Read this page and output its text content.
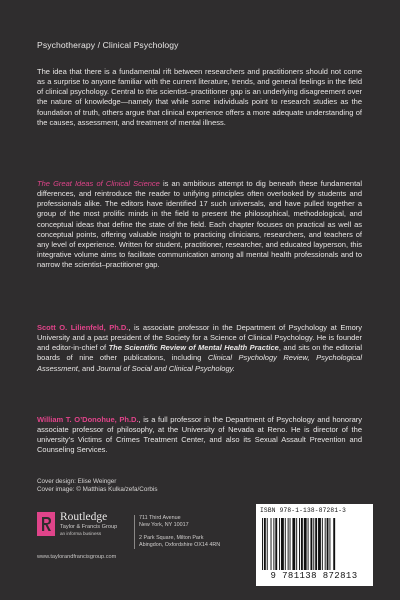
Psychotherapy / Clinical Psychology

The idea that there is a fundamental rift between researchers and practitioners should not come as a surprise to anyone familiar with the current literature, trends, and general feelings in the field of clinical psychology. Central to this scientist–practitioner gap is an underlying disagreement over the nature of knowledge—namely that while some individuals point to research studies as the foundation of truth, others argue that clinical experience offers a more adequate understanding of the causes, assessment, and treatment of mental illness.

The Great Ideas of Clinical Science is an ambitious attempt to dig beneath these fundamental differences, and reintroduce the reader to unifying principles often overlooked by students and professionals alike. The editors have identified 17 such universals, and have pulled together a group of the most prolific minds in the field to present the philosophical, methodological, and conceptual ideas that define the state of the field. Each chapter focuses on practical as well as conceptual points, offering valuable insight to practicing clinicians, researchers, and teachers of any level of experience. Written for student, practitioner, researcher, and educated layperson, this integrative volume aims to facilitate communication among all mental health professionals and to narrow the scientist–practitioner gap.

Scott O. Lilienfeld, Ph.D., is associate professor in the Department of Psychology at Emory University and a past president of the Society for a Science of Clinical Psychology. He is founder and editor-in-chief of The Scientific Review of Mental Health Practice, and sits on the editorial boards of nine other publications, including Clinical Psychology Review, Psychological Assessment, and Journal of Social and Clinical Psychology.

William T. O’Donohue, Ph.D., is a full professor in the Department of Psychology and honorary associate professor of philosophy, at the University of Nevada at Reno. He is director of the university’s Victims of Crimes Treatment Center, and also its Sexual Assault Prevention and Counseling Services.

Cover design: Elise Weinger
Cover image: © Matthias Kulka/zefa/Corbis
Routledge
Taylor & Francis Group
an informa business
www.taylorandfrancisgroup.com
711 Third Avenue
New York, NY 10017
2 Park Square, Milton Park
Abingdon, Oxfordshire OX14 4RN
ISBN 978-1-138-87281-3
9 781138 872813
